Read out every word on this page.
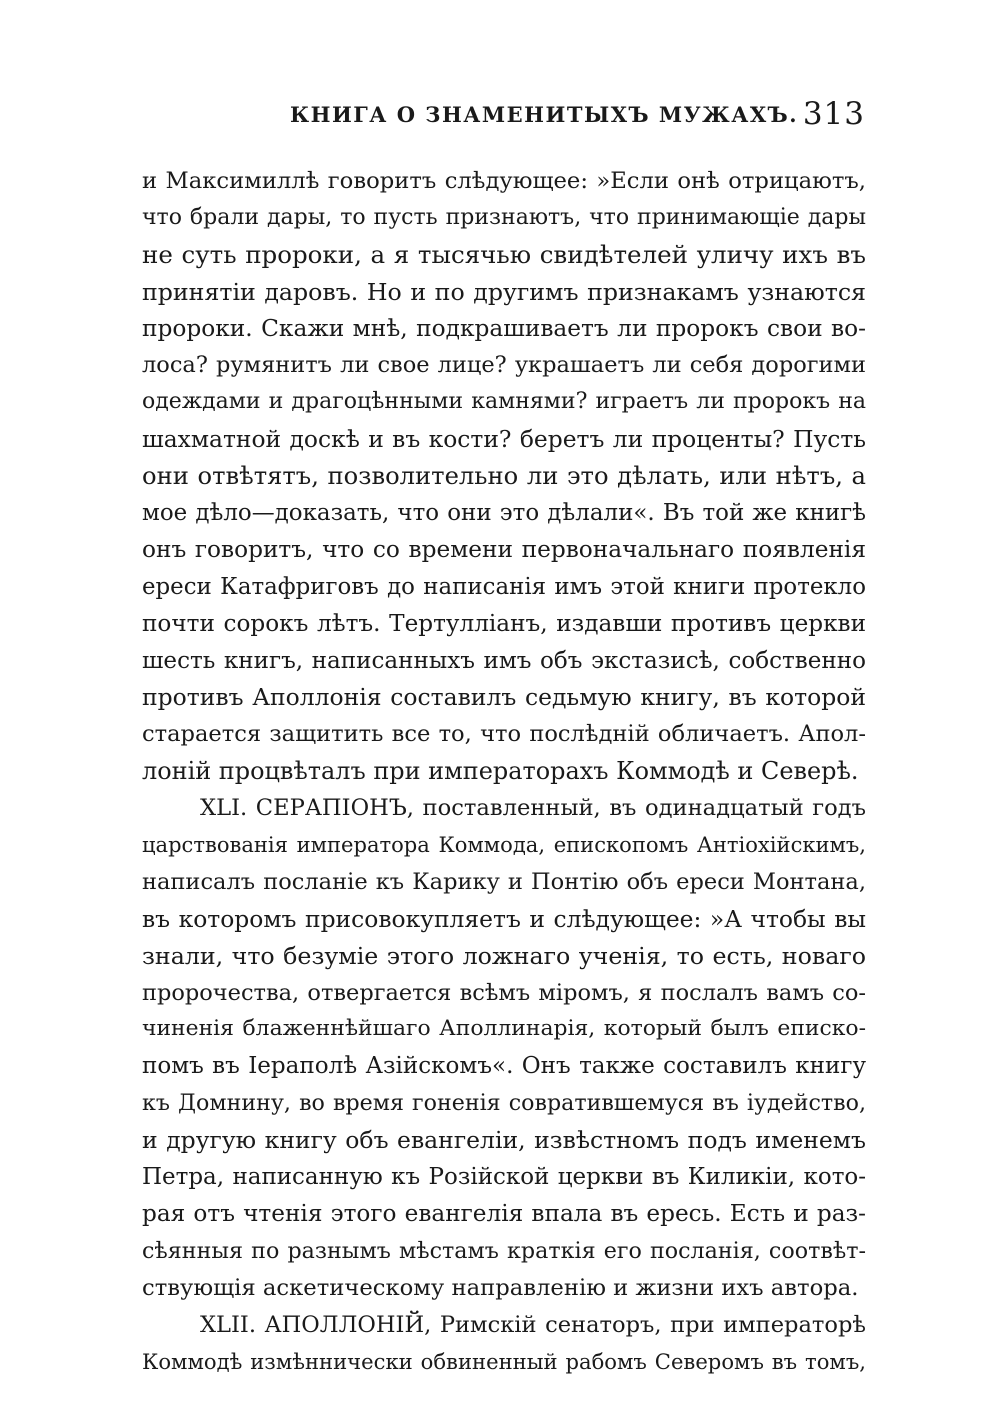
КНИГА О ЗНАМЕНИТЫХЪ МУЖАХЪ. 313
и Максимиллѣ говоритъ слѣдующее: »Если онѣ отрицаютъ,
что брали дары, то пусть признаютъ, что принимающіе дары
не суть пророки, а я тысячью свидѣтелей уличу ихъ въ
принятіи даровъ. Но и по другимъ признакамъ узнаются
пророки. Скажи мнѣ, подкрашиваетъ ли пророкъ свои во-
лоса? румянитъ ли свое лице? украшаетъ ли себя дорогими
одеждами и драгоцѣнными камнями? играетъ ли пророкъ на
шахматной доскѣ и въ кости? беретъ ли проценты? Пусть
они отвѣтятъ, позволительно ли это дѣлать, или нѣтъ, а
мое дѣло—доказать, что они это дѣлали«. Въ той же книгѣ
онъ говоритъ, что со времени первоначальнаго появленія
ереси Катафриговъ до написанія имъ этой книги протекло
почти сорокъ лѣтъ. Тертулліанъ, издавши противъ церкви
шесть книгъ, написанныхъ имъ объ экстазисѣ, собственно
противъ Аполлонія составилъ седьмую книгу, въ которой
старается защитить все то, что послѣдній обличаетъ. Апол-
лоній процвѣталъ при императорахъ Коммодѣ и Северѣ.
XLI. СЕРАПІОНЪ, поставленный, въ одинадцатый годъ
царствованія императора Коммода, епископомъ Антіохійскимъ,
написалъ посланіе къ Карику и Понтію объ ереси Монтана,
въ которомъ присовокупляетъ и слѣдующее: »А чтобы вы
знали, что безуміе этого ложнаго ученія, то есть, новаго
пророчества, отвергается всѣмъ міромъ, я послалъ вамъ со-
чиненія блаженнѣйшаго Аполлинарія, который былъ еписко-
помъ въ Іераполѣ Азійскомъ«. Онъ также составилъ книгу
къ Домнину, во время гоненія совратившемуся въ іудейство,
и другую книгу объ евангеліи, извѣстномъ подъ именемъ
Петра, написанную къ Розійской церкви въ Киликіи, кото-
рая отъ чтенія этого евангелія впала въ ересь. Есть и раз-
сѣянныя по разнымъ мѣстамъ краткія его посланія, соотвѣт-
ствующія аскетическому направленію и жизни ихъ автора.
XLII. АПОЛЛОНІЙ, Римскій сенаторъ, при императорѣ
Коммодѣ измѣннически обвиненный рабомъ Северомъ въ томъ,
